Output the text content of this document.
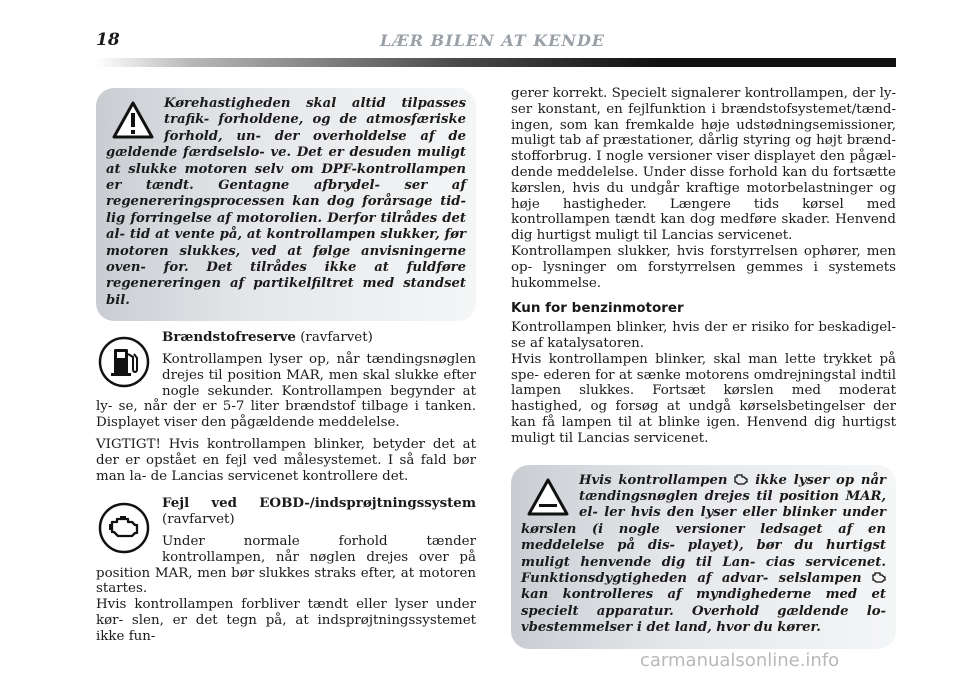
18	LÆR BILEN AT KENDE
Kørehastigheden skal altid tilpasses trafik- forholdene, og de atmosfæriske forhold, un- der overholdelse af de gældende færdselslo- ve. Det er desuden muligt at slukke motoren selv om DPF-kontrollampen er tændt. Gentagne afbrydel- ser af regenereringsprocessen kan dog forårsage tid- lig forringelse af motorolien. Derfor tilrådes det al- tid at vente på, at kontrollampen slukker, før motoren slukkes, ved at følge anvisningerne oven- for. Det tilrådes ikke at fuldføre regenereringen af partikelfiltret med standset bil.

Brændstofreserve (ravfarvet)

Kontrollampen lyser op, når tændingsnøglen drejes til position MAR, men skal slukke efter nogle sekunder. Kontrollampen begynder at ly- se, når der er 5-7 liter brændstof tilbage i tanken. Displayet viser den pågældende meddelelse.

VIGTIGT! Hvis kontrollampen blinker, betyder det at der er opstået en fejl ved målesystemet. I så fald bør man la- de Lancias servicenet kontrollere det.

Fejl ved EOBD-/indsprøjtningssystem (ravfarvet)

Under normale forhold tænder kontrollampen, når nøglen drejes over på position MAR, men bør slukkes straks efter, at motoren startes.

Hvis kontrollampen forbliver tændt eller lyser under kør- slen, er det tegn på, at indsprøjtningssystemet ikke fun-

gerer korrekt. Specielt signalerer kontrollampen, der ly- ser konstant, en fejlfunktion i brændstofsystemet/tænd- ingen, som kan fremkalde høje udstødningsemissioner, muligt tab af præstationer, dårlig styring og højt brænd- stofforbrug. I nogle versioner viser displayet den pågæl- dende meddelelse. Under disse forhold kan du fortsætte kørslen, hvis du undgår kraftige motorbelastninger og høje hastigheder. Længere tids kørsel med kontrollampen tændt kan dog medføre skader. Henvend dig hurtigst muligt til Lancias servicenet.

Kontrollampen slukker, hvis forstyrrelsen ophører, men op- lysninger om forstyrrelsen gemmes i systemets hukommelse.

Kun for benzinmotorer

Kontrollampen blinker, hvis der er risiko for beskadigel- se af katalysatoren.

Hvis kontrollampen blinker, skal man lette trykket på spe- ederen for at sænke motorens omdrejningstal indtil lampen slukkes. Fortsæt kørslen med moderat hastighed, og forsøg at undgå kørselsbetingelser der kan få lampen til at blinke igen. Henvend dig hurtigst muligt til Lancias servicenet.

Hvis kontrollampen ikke lyser op når tændingsnøglen drejes til position MAR, el- ler hvis den lyser eller blinker under kørslen (i nogle versioner ledsaget af en meddelelse på dis- playet), bør du hurtigst muligt henvende dig til Lan- cias servicenet. Funktionsdygtigheden af advar- selslampen  kan kontrolleres af myndighederne med et specielt apparatur. Overhold gældende lo- vbestemmelser i det land, hvor du kører.
carmanualsonline.info
